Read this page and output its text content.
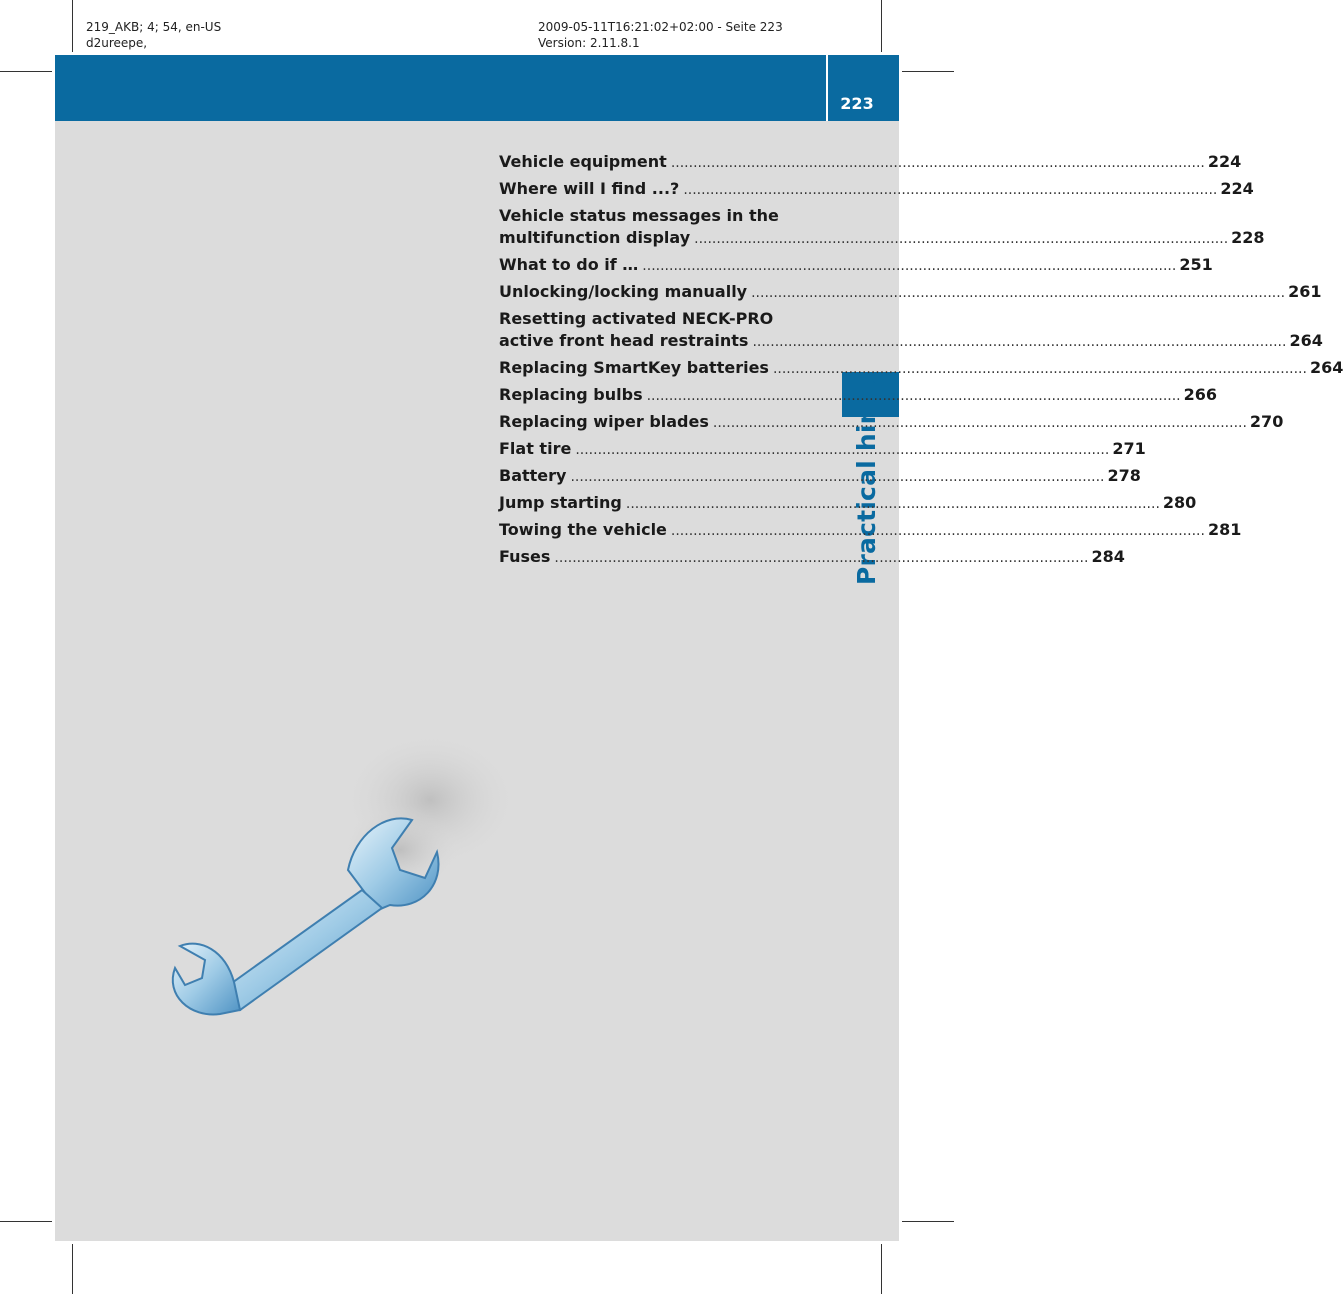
219_AKB; 4; 54, en-US
d2ureepe,
2009-05-11T16:21:02+02:00 - Seite 223
Version: 2.11.8.1
223
Practical hints
Vehicle equipment ........................................................................................................................ 224
Where will I find ...? ........................................................................................................................ 224
Vehicle status messages in the
multifunction display ........................................................................................................................ 228
What to do if … ........................................................................................................................ 251
Unlocking/locking manually ........................................................................................................................ 261
Resetting activated NECK-PRO
active front head restraints ........................................................................................................................ 264
Replacing SmartKey batteries ........................................................................................................................ 264
Replacing bulbs ........................................................................................................................ 266
Replacing wiper blades ........................................................................................................................ 270
Flat tire ........................................................................................................................ 271
Battery ........................................................................................................................ 278
Jump starting ........................................................................................................................ 280
Towing the vehicle ........................................................................................................................ 281
Fuses ........................................................................................................................ 284
